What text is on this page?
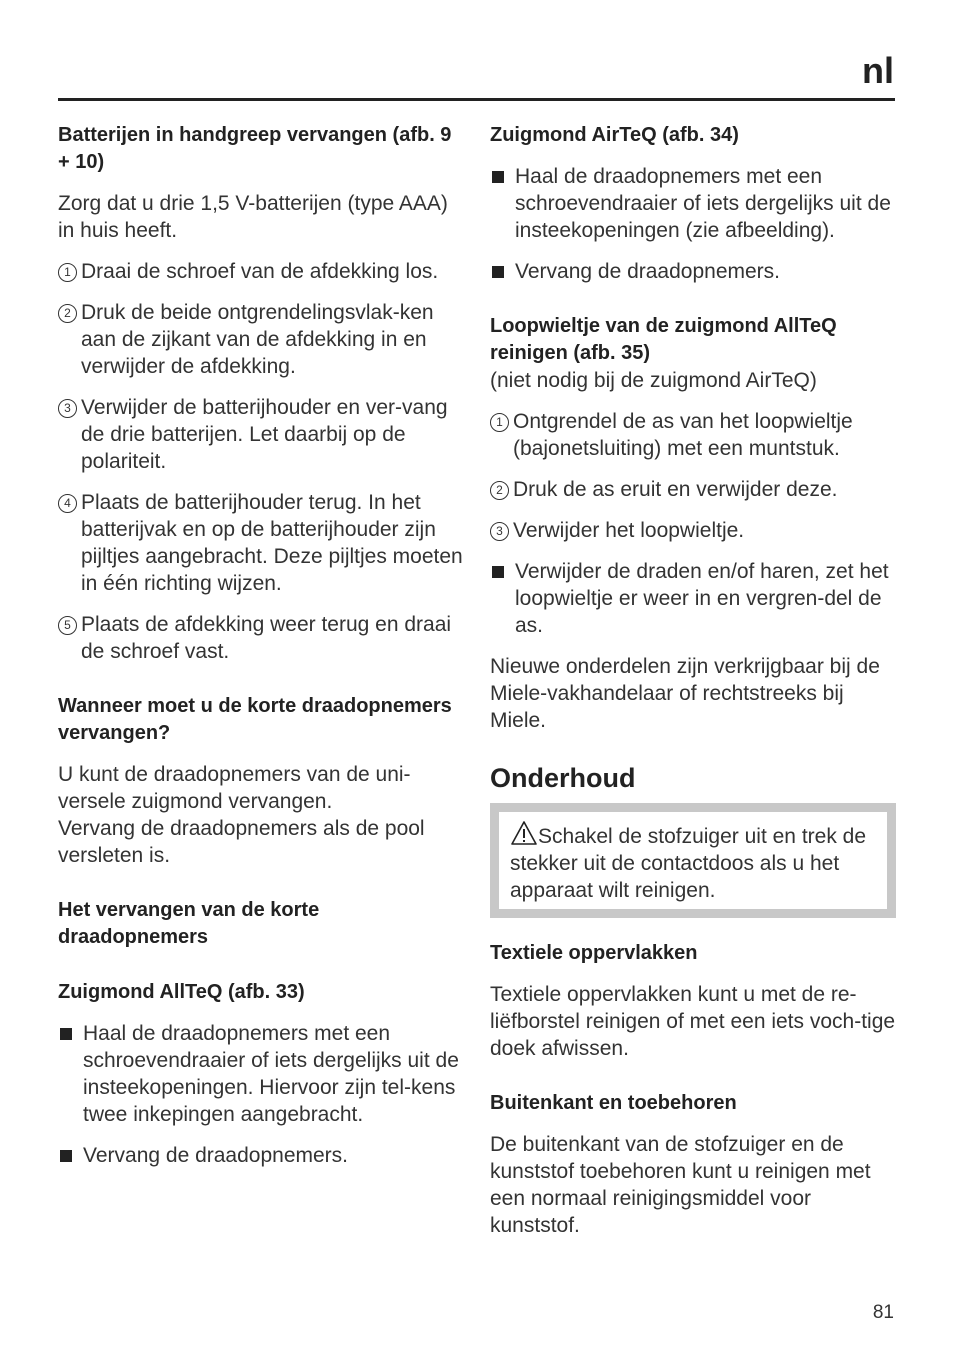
nl
Batterijen in handgreep vervangen (afb. 9 + 10)
Zorg dat u drie 1,5 V-batterijen (type AAA) in huis heeft.
1 Draai de schroef van de afdekking los.
2 Druk de beide ontgrendelingsvlak-ken aan de zijkant van de afdekking in en verwijder de afdekking.
3 Verwijder de batterijhouder en ver-vang de drie batterijen. Let daarbij op de polariteit.
4 Plaats de batterijhouder terug. In het batterijvak en op de batterijhouder zijn pijltjes aangebracht. Deze pijltjes moeten in één richting wijzen.
5 Plaats de afdekking weer terug en draai de schroef vast.
Wanneer moet u de korte draadopnemers vervangen?
U kunt de draadopnemers van de uni-versele zuigmond vervangen.
Vervang de draadopnemers als de pool versleten is.
Het vervangen van de korte draadopnemers
Zuigmond AllTeQ (afb. 33)
Haal de draadopnemers met een schroevendraaier of iets dergelijks uit de insteekopeningen. Hiervoor zijn tel-kens twee inkepingen aangebracht.
Vervang de draadopnemers.
Zuigmond AirTeQ (afb. 34)
Haal de draadopnemers met een schroevendraaier of iets dergelijks uit de insteekopeningen (zie afbeelding).
Vervang de draadopnemers.
Loopwieltje van de zuigmond AllTeQ reinigen (afb. 35)
(niet nodig bij de zuigmond AirTeQ)
1 Ontgrendel de as van het loopwieltje (bajonetsluiting) met een muntstuk.
2 Druk de as eruit en verwijder deze.
3 Verwijder het loopwieltje.
Verwijder de draden en/of haren, zet het loopwieltje er weer in en vergren-del de as.
Nieuwe onderdelen zijn verkrijgbaar bij de Miele-vakhandelaar of rechtstreeks bij Miele.
Onderhoud
Schakel de stofzuiger uit en trek de stekker uit de contactdoos als u het apparaat wilt reinigen.
Textiele oppervlakken
Textiele oppervlakken kunt u met de re-liëfborstel reinigen of met een iets voch-tige doek afwissen.
Buitenkant en toebehoren
De buitenkant van de stofzuiger en de kunststof toebehoren kunt u reinigen met een normaal reinigingsmiddel voor kunststof.
81
